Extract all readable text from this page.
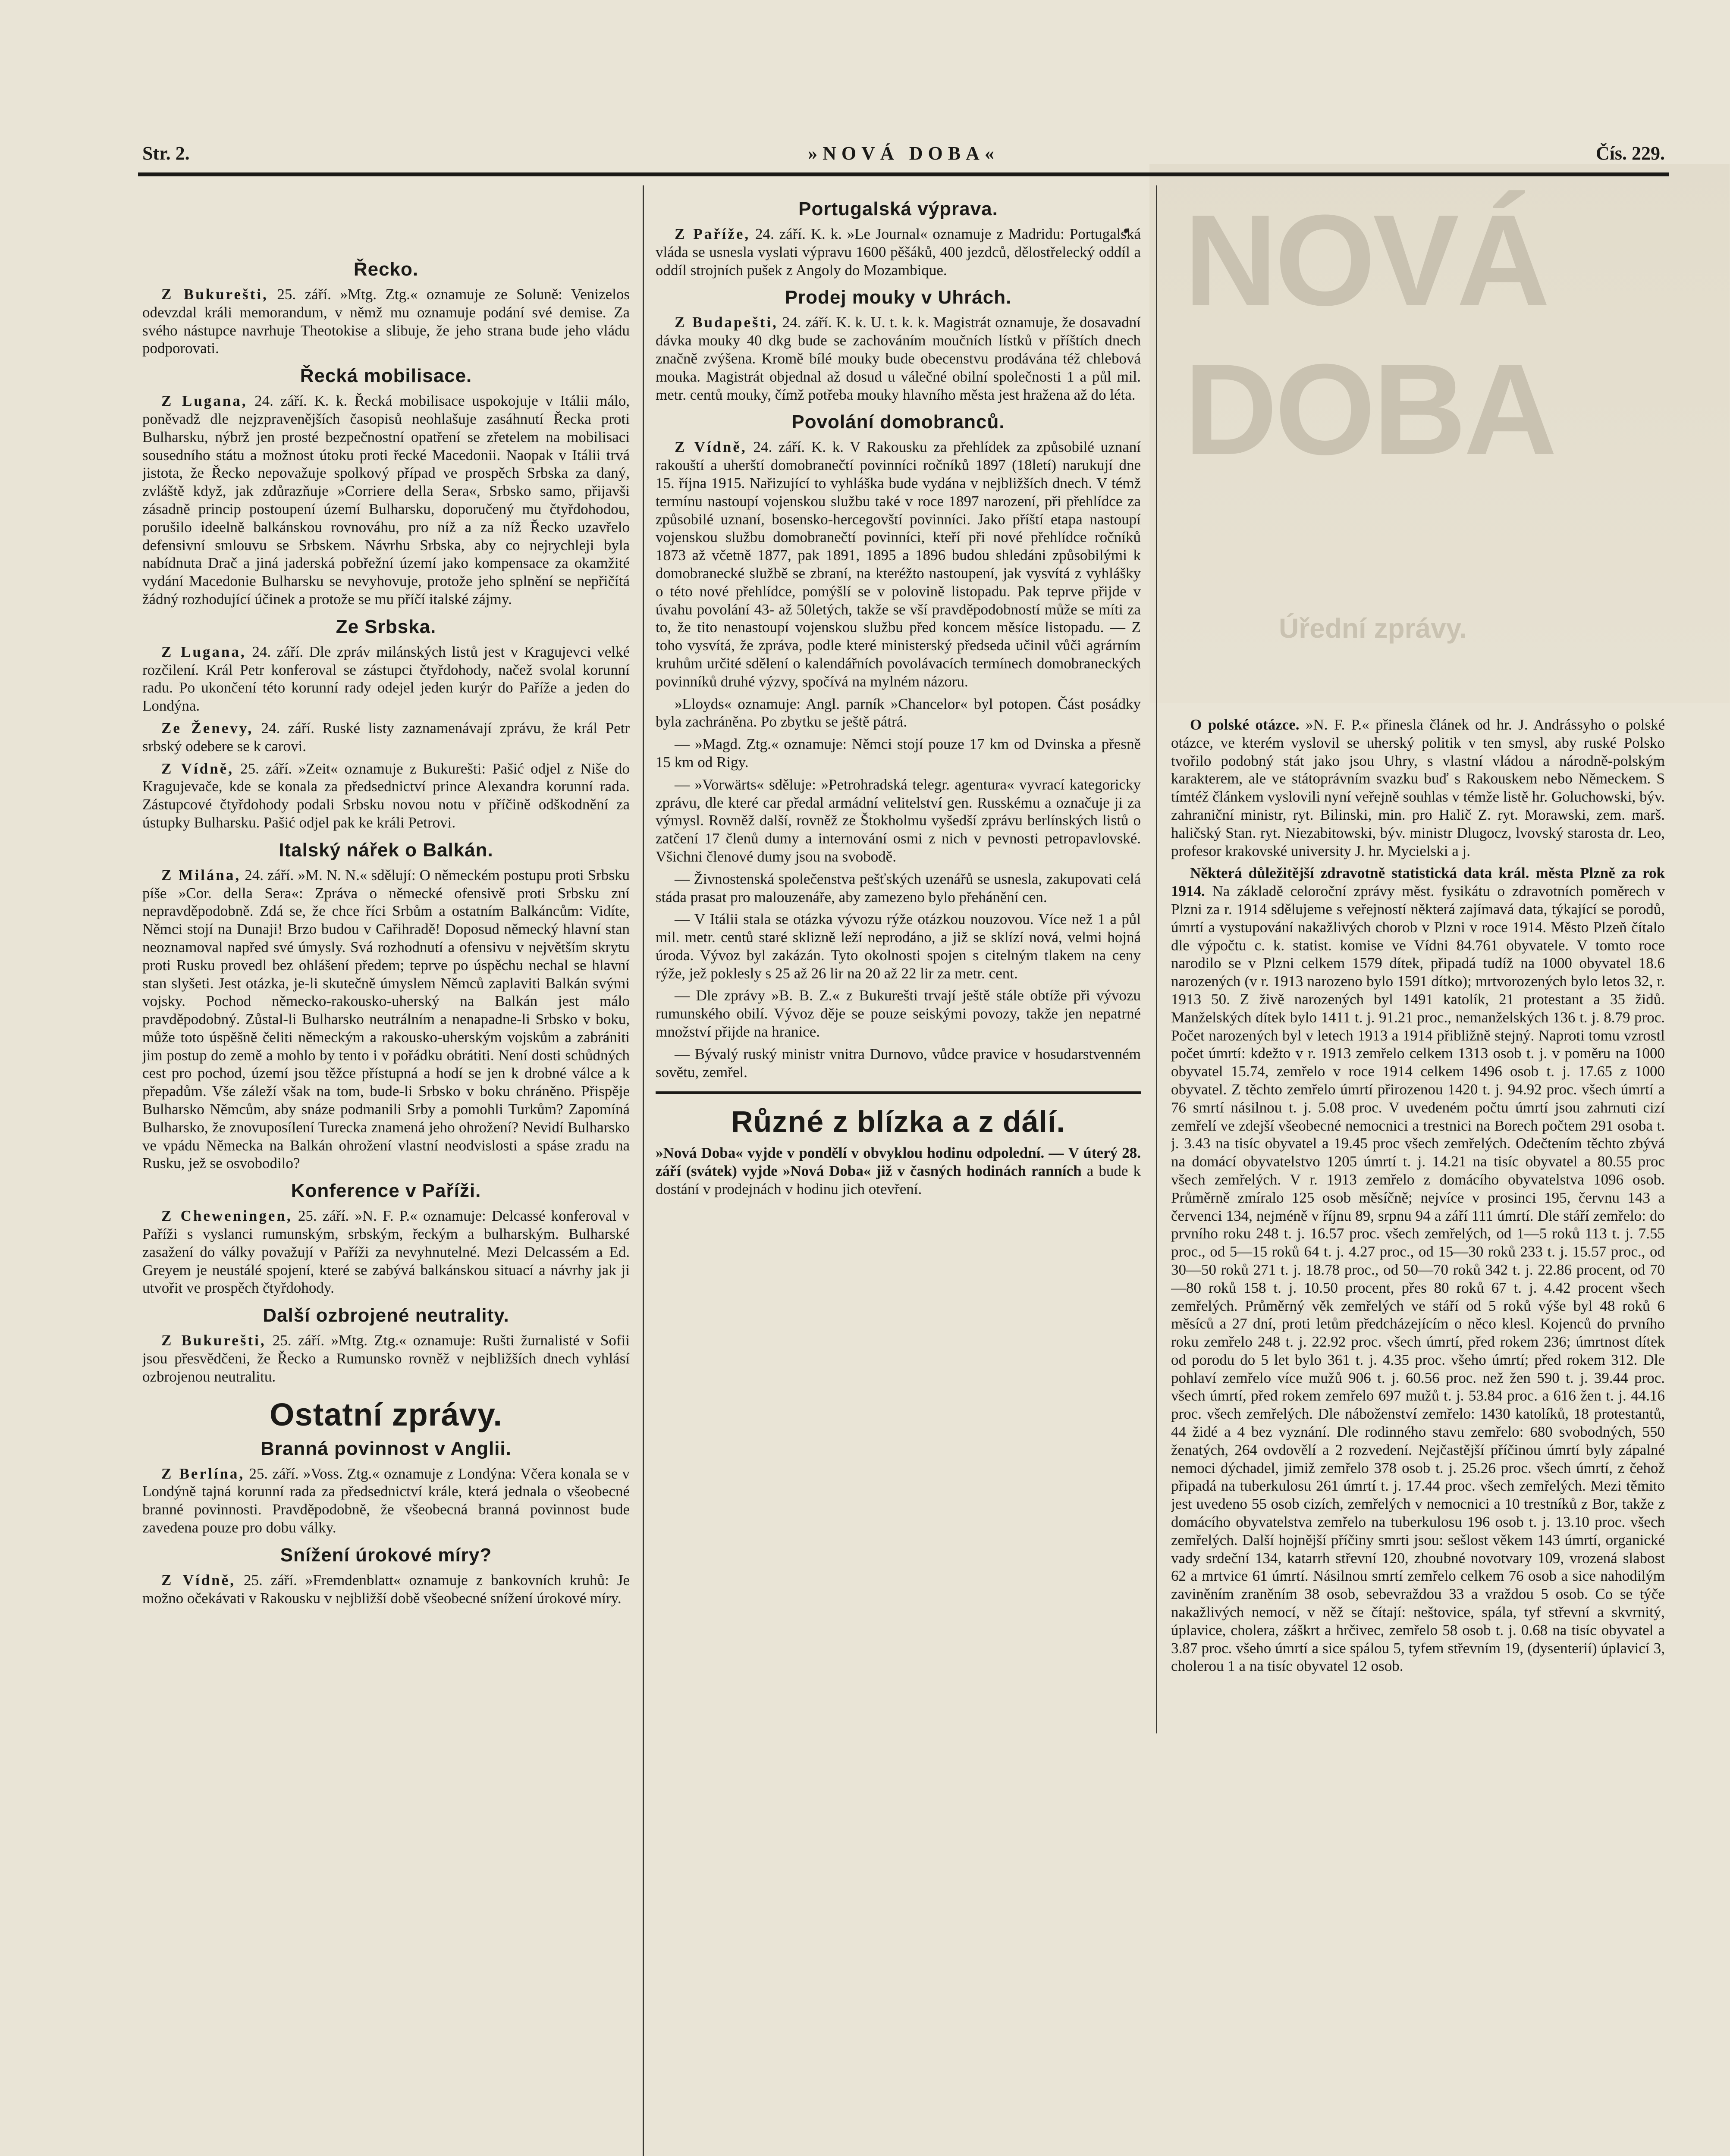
NOVÁ DOBA
Úřední zprávy.
Str. 2.	»NOVÁ DOBA«	Čís. 229.
Řecko.

Z Bukurešti, 25. září. »Mtg. Ztg.« oznamuje ze Soluně: Venizelos odevzdal králi memorandum, v němž mu oznamuje podání své demise. Za svého nástupce navrhuje Theotokise a slibuje, že jeho strana bude jeho vládu podporovati.

Řecká mobilisace.

Z Lugana, 24. září. K. k. Řecká mobilisace uspokojuje v Itálii málo, poněvadž dle nejzpravenějších časopisů neohlašuje zasáhnutí Řecka proti Bulharsku, nýbrž jen prosté bezpečnostní opatření se zřetelem na mobilisaci sousedního státu a možnost útoku proti řecké Macedonii. Naopak v Itálii trvá jistota, že Řecko nepovažuje spolkový případ ve prospěch Srbska za daný, zvláště když, jak zdůrazňuje »Corriere della Sera«, Srbsko samo, přijavši zásadně princip postoupení území Bulharsku, doporučený mu čtyřdohodou, porušilo ideelně balkánskou rovnováhu, pro níž a za níž Řecko uzavřelo defensivní smlouvu se Srbskem. Návrhu Srbska, aby co nejrychleji byla nabídnuta Drač a jiná jaderská pobřežní území jako kompensace za okamžité vydání Macedonie Bulharsku se nevyhovuje, protože jeho splnění se nepřičítá žádný rozhodující účinek a protože se mu příčí italské zájmy.

Ze Srbska.

Z Lugana, 24. září. Dle zpráv milánských listů jest v Kragujevci velké rozčilení. Král Petr konferoval se zástupci čtyřdohody, načež svolal korunní radu. Po ukončení této korunní rady odejel jeden kurýr do Paříže a jeden do Londýna.

Ze Ženevy, 24. září. Ruské listy zaznamenávají zprávu, že král Petr srbský odebere se k carovi.

Z Vídně, 25. září. »Zeit« oznamuje z Bukurešti: Pašić odjel z Niše do Kragujevače, kde se konala za předsednictví prince Alexandra korunní rada. Zástupcové čtyřdohody podali Srbsku novou notu v příčině odškodnění za ústupky Bulharsku. Pašić odjel pak ke králi Petrovi.

Italský nářek o Balkán.

Z Milána, 24. září. »M. N. N.« sdělují: O německém postupu proti Srbsku píše »Cor. della Sera«: Zpráva o německé ofensivě proti Srbsku zní nepravděpodobně. Zdá se, že chce říci Srbům a ostatním Balkáncům: Vidíte, Němci stojí na Dunaji! Brzo budou v Cařihradě! Doposud německý hlavní stan neoznamoval napřed své úmysly. Svá rozhodnutí a ofensivu v největším skrytu proti Rusku provedl bez ohlášení předem; teprve po úspěchu nechal se hlavní stan slyšeti. Jest otázka, je-li skutečně úmyslem Němců zaplaviti Balkán svými vojsky. Pochod německo-rakousko-uherský na Balkán jest málo pravděpodobný. Zůstal-li Bulharsko neutrálním a nenapadne-li Srbsko v boku, může toto úspěšně čeliti německým a rakousko-uherským vojskům a zabrániti jim postup do země a mohlo by tento i v pořádku obrátiti. Není dosti schůdných cest pro pochod, území jsou těžce přístupná a hodí se jen k drobné válce a k přepadům. Vše záleží však na tom, bude-li Srbsko v boku chráněno. Přispěje Bulharsko Němcům, aby snáze podmanili Srby a pomohli Turkům? Zapomíná Bulharsko, že znovuposílení Turecka znamená jeho ohrožení? Nevidí Bulharsko ve vpádu Německa na Balkán ohrožení vlastní neodvislosti a spáse zradu na Rusku, jež se osvobodilo?

Konference v Paříži.

Z Cheweningen, 25. září. »N. F. P.« oznamuje: Delcassé konferoval v Paříži s vyslanci rumunským, srbským, řeckým a bulharským. Bulharské zasažení do války považují v Paříži za nevyhnutelné. Mezi Delcassém a Ed. Greyem je neustálé spojení, které se zabývá balkánskou situací a návrhy jak ji utvořit ve prospěch čtyřdohody.

Další ozbrojené neutrality.

Z Bukurešti, 25. září. »Mtg. Ztg.« oznamuje: Rušti žurnalisté v Sofii jsou přesvědčeni, že Řecko a Rumunsko rovněž v nejbližších dnech vyhlásí ozbrojenou neutralitu.

Ostatní zprávy.
Branná povinnost v Anglii.

Z Berlína, 25. září. »Voss. Ztg.« oznamuje z Londýna: Včera konala se v Londýně tajná korunní rada za předsednictví krále, která jednala o všeobecné branné povinnosti. Pravděpodobně, že všeobecná branná povinnost bude zavedena pouze pro dobu války.

Snížení úrokové míry?

Z Vídně, 25. září. »Fremdenblatt« oznamuje z bankovních kruhů: Je možno očekávati v Rakousku v nejbližší době všeobecné snížení úrokové míry.

Portugalská výprava.

Z Paříže, 24. září. K. k. »Le Journal« oznamuje z Madridu: Portugalská vláda se usnesla vyslati výpravu 1600 pěšáků, 400 jezdců, dělostřelecký oddíl a oddíl strojních pušek z Angoly do Mozambique.

Prodej mouky v Uhrách.

Z Budapešti, 24. září. K. k. U. t. k. k. Magistrát oznamuje, že dosavadní dávka mouky 40 dkg bude se zachováním moučních lístků v příštích dnech značně zvýšena. Kromě bílé mouky bude obecenstvu prodávána též chlebová mouka. Magistrát objednal až dosud u válečné obilní společnosti 1 a půl mil. metr. centů mouky, čímž potřeba mouky hlavního města jest hražena až do léta.

Povolání domobranců.

Z Vídně, 24. září. K. k. V Rakousku za přehlídek za způsobilé uznaní rakouští a uherští domobranečtí povinníci ročníků 1897 (18letí) narukují dne 15. října 1915. Nařizující to vyhláška bude vydána v nejbližších dnech. V témž termínu nastoupí vojenskou službu také v roce 1897 narození, při přehlídce za způsobilé uznaní, bosensko-hercegovští povinníci. Jako příští etapa nastoupí vojenskou službu domobranečtí povinníci, kteří při nové přehlídce ročníků 1873 až včetně 1877, pak 1891, 1895 a 1896 budou shledáni způsobilými k domobranecké službě se zbraní, na kteréžto nastoupení, jak vysvítá z vyhlášky o této nové přehlídce, pomýšlí se v polovině listopadu. Pak teprve přijde v úvahu povolání 43- až 50letých, takže se vší pravděpodobností může se míti za to, že tito nenastoupí vojenskou službu před koncem měsíce listopadu. — Z toho vysvítá, že zpráva, podle které ministerský předseda učinil vůči agrárním kruhům určité sdělení o kalendářních povolávacích termínech domobraneckých povinníků druhé výzvy, spočívá na mylném názoru.

»Lloyds« oznamuje: Angl. parník »Chancelor« byl potopen. Část posádky byla zachráněna. Po zbytku se ještě pátrá.

— »Magd. Ztg.« oznamuje: Němci stojí pouze 17 km od Dvinska a přesně 15 km od Rigy.

— »Vorwärts« sděluje: »Petrohradská telegr. agentura« vyvrací kategoricky zprávu, dle které car předal armádní velitelství gen. Russkému a označuje ji za výmysl. Rovněž další, rovněž ze Štokholmu vyšedší zprávu berlínských listů o zatčení 17 členů dumy a internování osmi z nich v pevnosti petropavlovské. Všichni členové dumy jsou na svobodě.

— Živnostenská společenstva pešťských uzenářů se usnesla, zakupovati celá stáda prasat pro malouzenáře, aby zamezeno bylo přehánění cen.

— V Itálii stala se otázka vývozu rýže otázkou nouzovou. Více než 1 a půl mil. metr. centů staré sklizně leží neprodáno, a již se sklízí nová, velmi hojná úroda. Vývoz byl zakázán. Tyto okolnosti spojen s citelným tlakem na ceny rýže, jež poklesly s 25 až 26 lir na 20 až 22 lir za metr. cent.

— Dle zprávy »B. B. Z.« z Bukurešti trvají ještě stále obtíže při vývozu rumunského obilí. Vývoz děje se pouze seiskými povozy, takže jen nepatrné množství přijde na hranice.

— Bývalý ruský ministr vnitra Durnovo, vůdce pravice v hosudarstvenném sovětu, zemřel.

Různé z blízka a z dálí.

»Nová Doba« vyjde v pondělí v obvyklou hodinu odpolední. — V úterý 28. září (svátek) vyjde »Nová Doba« již v časných hodinách ranních a bude k dostání v prodejnách v hodinu jich otevření.

O polské otázce. »N. F. P.« přinesla článek od hr. J. Andrássyho o polské otázce, ve kterém vyslovil se uherský politik v ten smysl, aby ruské Polsko tvořilo podobný stát jako jsou Uhry, s vlastní vládou a národně-polským karakterem, ale ve státoprávním svazku buď s Rakouskem nebo Německem. S tímtéž článkem vyslovili nyní veřejně souhlas v témže listě hr. Goluchowski, býv. zahraniční ministr, ryt. Bilinski, min. pro Halič Z. ryt. Morawski, zem. marš. haličský Stan. ryt. Niezabitowski, býv. ministr Dlugocz, lvovský starosta dr. Leo, profesor krakovské university J. hr. Mycielski a j.

Některá důležitější zdravotně statistická data král. města Plzně za rok 1914. Na základě celoroční zprávy měst. fysikátu o zdravotních poměrech v Plzni za r. 1914 sdělujeme s veřejností některá zajímavá data, týkající se porodů, úmrtí a vystupování nakažlivých chorob v Plzni v roce 1914. Město Plzeň čítalo dle výpočtu c. k. statist. komise ve Vídni 84.761 obyvatele. V tomto roce narodilo se v Plzni celkem 1579 dítek, připadá tudíž na 1000 obyvatel 18.6 narozených (v r. 1913 narozeno bylo 1591 dítko); mrtvorozených bylo letos 32, r. 1913 50. Z živě narozených byl 1491 katolík, 21 protestant a 35 židů. Manželských dítek bylo 1411 t. j. 91.21 proc., nemanželských 136 t. j. 8.79 proc. Počet narozených byl v letech 1913 a 1914 přibližně stejný. Naproti tomu vzrostl počet úmrtí: kdežto v r. 1913 zemřelo celkem 1313 osob t. j. v poměru na 1000 obyvatel 15.74, zemřelo v roce 1914 celkem 1496 osob t. j. 17.65 z 1000 obyvatel. Z těchto zemřelo úmrtí přirozenou 1420 t. j. 94.92 proc. všech úmrtí a 76 smrtí násilnou t. j. 5.08 proc. V uvedeném počtu úmrtí jsou zahrnuti cizí zemřelí ve zdejší všeobecné nemocnici a trestnici na Borech počtem 291 osoba t. j. 3.43 na tisíc obyvatel a 19.45 proc všech zemřelých. Odečtením těchto zbývá na domácí obyvatelstvo 1205 úmrtí t. j. 14.21 na tisíc obyvatel a 80.55 proc všech zemřelých. V r. 1913 zemřelo z domácího obyvatelstva 1096 osob. Průměrně zmíralo 125 osob měsíčně; nejvíce v prosinci 195, červnu 143 a červenci 134, nejméně v říjnu 89, srpnu 94 a září 111 úmrtí. Dle stáří zemřelo: do prvního roku 248 t. j. 16.57 proc. všech zemřelých, od 1—5 roků 113 t. j. 7.55 proc., od 5—15 roků 64 t. j. 4.27 proc., od 15—30 roků 233 t. j. 15.57 proc., od 30—50 roků 271 t. j. 18.78 proc., od 50—70 roků 342 t. j. 22.86 procent, od 70—80 roků 158 t. j. 10.50 procent, přes 80 roků 67 t. j. 4.42 procent všech zemřelých. Průměrný věk zemřelých ve stáří od 5 roků výše byl 48 roků 6 měsíců a 27 dní, proti letům předcházejícím o něco klesl. Kojenců do prvního roku zemřelo 248 t. j. 22.92 proc. všech úmrtí, před rokem 236; úmrtnost dítek od porodu do 5 let bylo 361 t. j. 4.35 proc. všeho úmrtí; před rokem 312. Dle pohlaví zemřelo více mužů 906 t. j. 60.56 proc. než žen 590 t. j. 39.44 proc. všech úmrtí, před rokem zemřelo 697 mužů t. j. 53.84 proc. a 616 žen t. j. 44.16 proc. všech zemřelých. Dle náboženství zemřelo: 1430 katolíků, 18 protestantů, 44 židé a 4 bez vyznání. Dle rodinného stavu zemřelo: 680 svobodných, 550 ženatých, 264 ovdovělí a 2 rozvedení. Nejčastější příčinou úmrtí byly zápalné nemoci dýchadel, jimiž zemřelo 378 osob t. j. 25.26 proc. všech úmrtí, z čehož připadá na tuberkulosu 261 úmrtí t. j. 17.44 proc. všech zemřelých. Mezi těmito jest uvedeno 55 osob cizích, zemřelých v nemocnici a 10 trestníků z Bor, takže z domácího obyvatelstva zemřelo na tuberkulosu 196 osob t. j. 13.10 proc. všech zemřelých. Další hojnější příčiny smrti jsou: sešlost věkem 143 úmrtí, organické vady srdeční 134, katarrh střevní 120, zhoubné novotvary 109, vrozená slabost 62 a mrtvice 61 úmrtí. Násilnou smrtí zemřelo celkem 76 osob a sice nahodilým zaviněním zraněním 38 osob, sebevraždou 33 a vraždou 5 osob. Co se týče nakažlivých nemocí, v něž se čítají: neštovice, spála, tyf střevní a skvrnitý, úplavice, cholera, záškrt a hrčivec, zemřelo 58 osob t. j. 0.68 na tisíc obyvatel a 3.87 proc. všeho úmrtí a sice spálou 5, tyfem střevním 19, (dysenterií) úplavicí 3, cholerou 1 a na tisíc obyvatel 12 osob.
